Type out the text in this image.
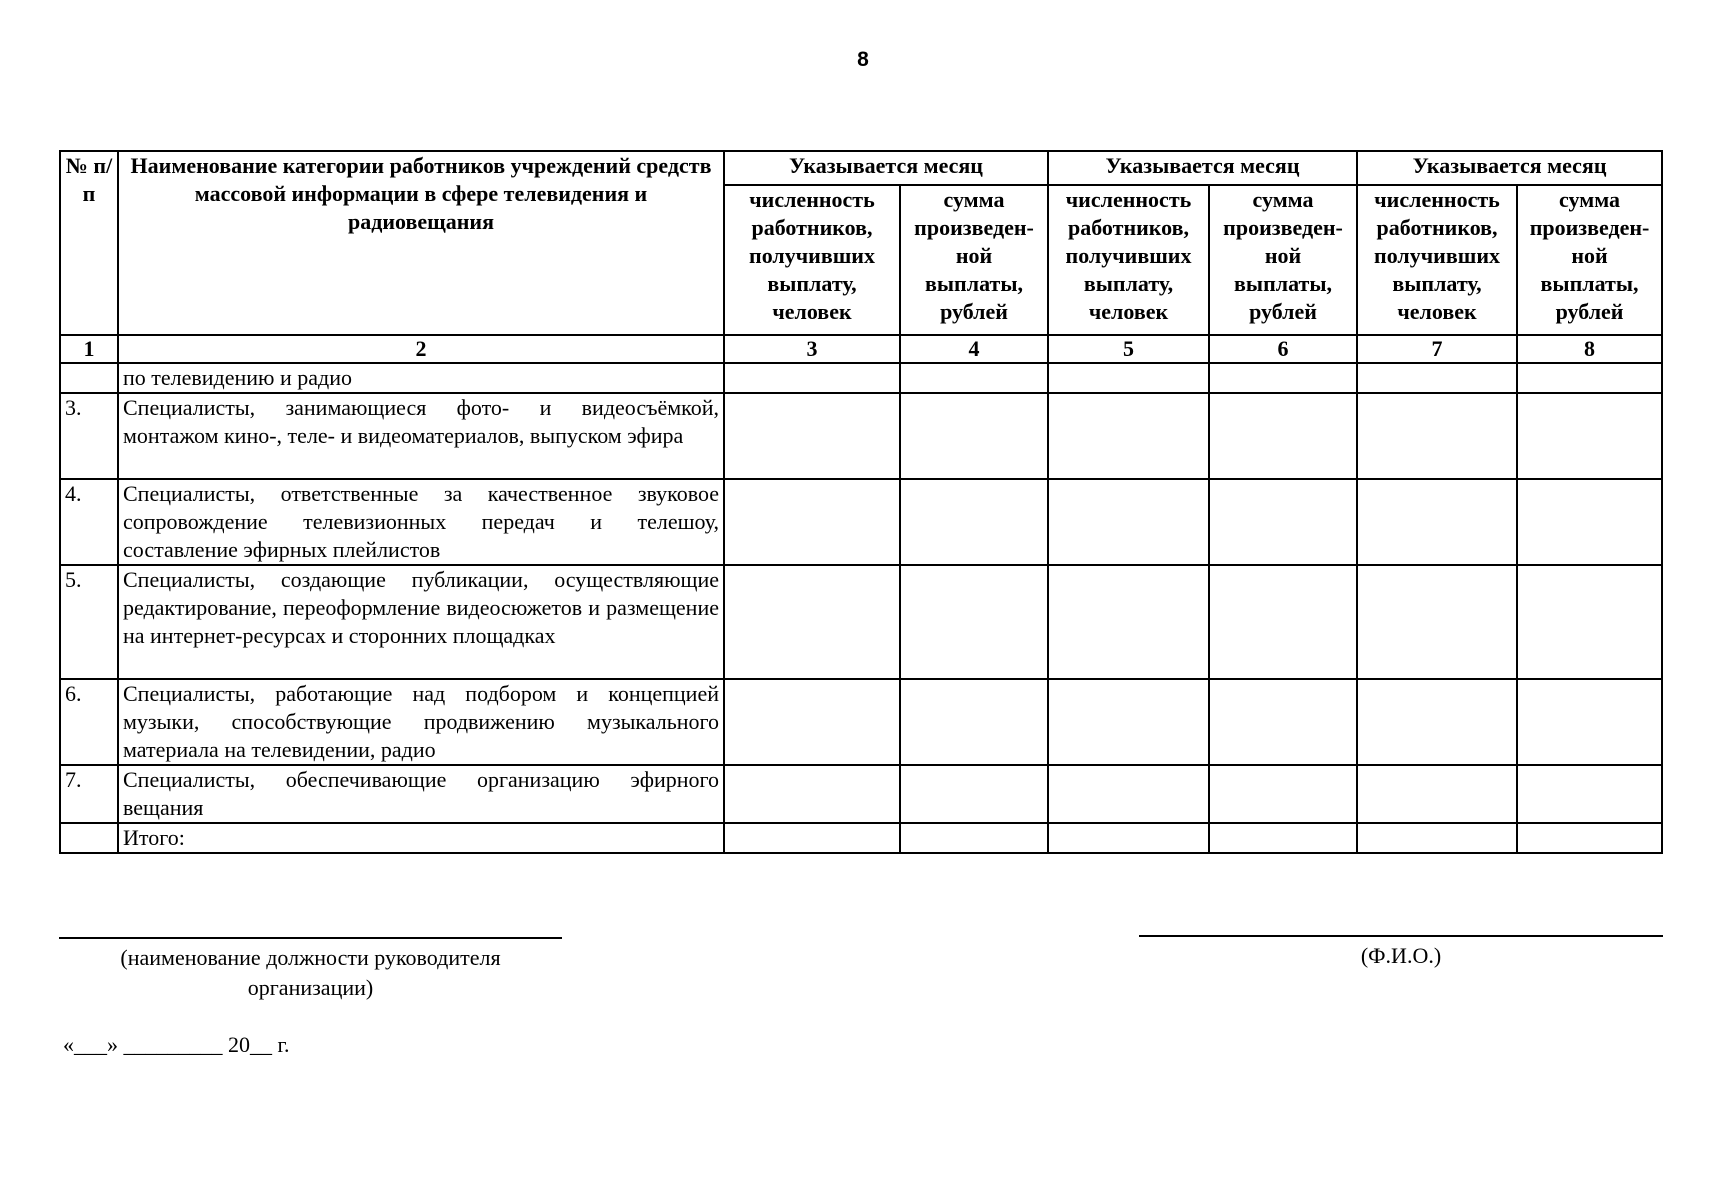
8
№ п/п	Наименование категории работников учреждений средств массовой информации в сфере телевидения и радиовещания	Указывается месяц		Указывается месяц		Указывается месяц	
		численность работников, получивших выплату, человек	сумма произведен-ной выплаты, рублей	численность работников, получивших выплату, человек	сумма произведен-ной выплаты, рублей	численность работников, получивших выплату, человек	сумма произведен-ной выплаты, рублей
1	2	3	4	5	6	7	8
	по телевидению и радио						
3.	Специалисты, занимающиеся фото- и видеосъёмкой, монтажом кино-, теле- и видеоматериалов, выпуском эфира						
4.	Специалисты, ответственные за качественное звуковое сопровождение телевизионных передач и телешоу, составление эфирных плейлистов						
5.	Специалисты, создающие публикации, осуществляющие редактирование, переоформление видеосюжетов и размещение на интернет-ресурсах и сторонних площадках						
6.	Специалисты, работающие над подбором и концепцией музыки, способствующие продвижению музыкального материала на телевидении, радио						
7.	Специалисты, обеспечивающие организацию эфирного вещания						
	Итого:						
(наименование должности руководителя организации)
(Ф.И.О.)
«___» _________ 20__ г.
